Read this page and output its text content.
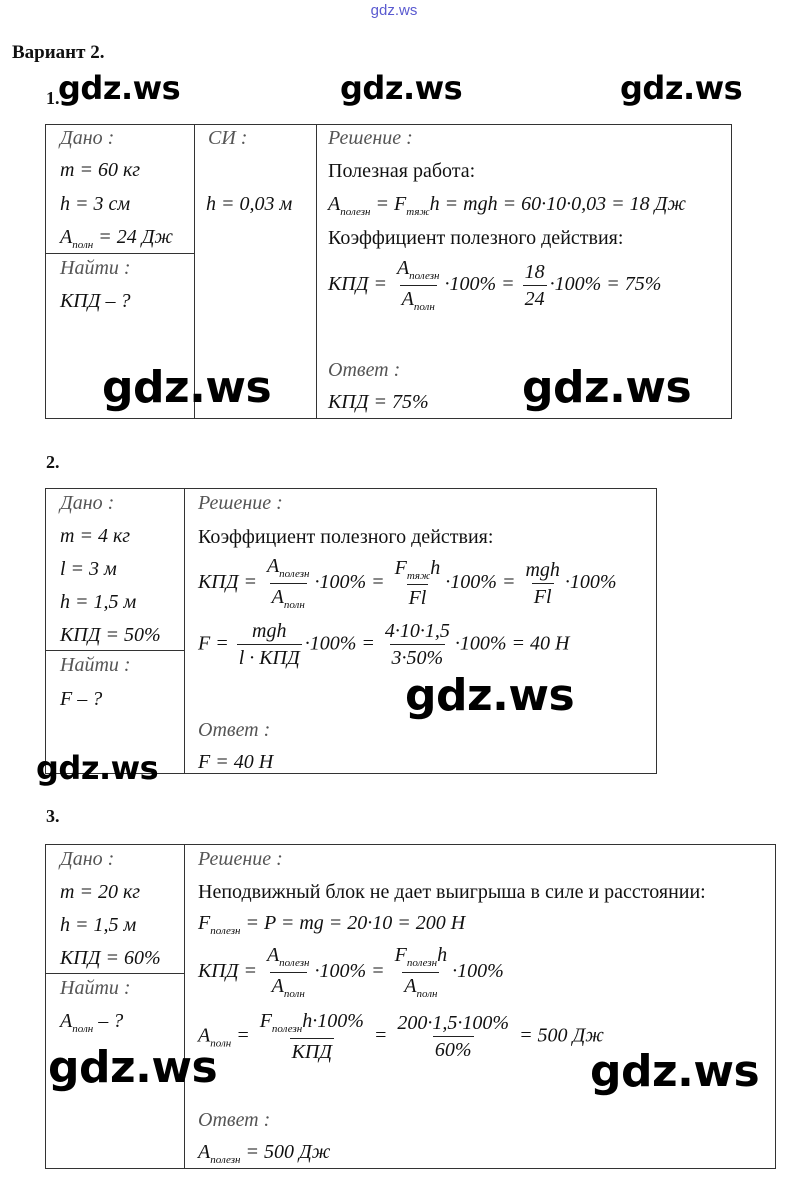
gdz.ws
Вариант 2.
1.
Дано :
m = 60 кг
h = 3 см
$A_{полн} = 24$ Дж
Найти :
КПД – ?
СИ :
h = 0,03 м
Решение :
Полезная работа:
$A_{полезн} = F_{тяж}h$ = mgh = 60·10·0,03 = 18 Дж
Коэффициент полезного действия:
КПД = $\frac{A_{полезн}}{A_{полн}} \cdot 100\% = \frac{18}{24} \cdot 100\% = 75\%$
Ответ :
КПД = 75%
2.
Дано :
m = 4 кг
l = 3 м
h = 1,5 м
КПД = 50%
Найти :
F – ?
Решение :
Коэффициент полезного действия:
КПД = $\frac{A_{полезн}}{A_{полн}} \cdot 100\% = \frac{F_{тяж}h}{Fl} \cdot 100\% = \frac{\text{mgh}}{Fl} \cdot 100\%$
$F = \frac{\text{mgh}}{\text{l · КПД}} \cdot 100\% = \frac{4\cdot 10\cdot 1,5}{3\cdot 50\%} \cdot 100\% = 40$ Н
Ответ :
F = 40 Н
3.
Дано :
m = 20 кг
h = 1,5 м
КПД = 60%
Найти :
$A_{полн}$ – ?
Решение :
Неподвижный блок не дает выигрыша в силе и расстоянии:
$F_{полезн} = P$ = mg = 20·10 = 200 Н
КПД = $\frac{A_{полезн}}{A_{полн}} \cdot 100\% = \frac{F_{полезн}h}{A_{полн}} \cdot 100\%$
$A_{полн} = \frac{F_{полезн}h\cdot 100\%}{\text{КПД}} = \frac{200\cdot 1,5\cdot 100\%}{60\%} = 500$ Дж
Ответ :
$A_{полезн} = 500$ Дж
gdz.ws	gdz.ws	gdz.ws
gdz.ws	gdz.ws
gdz.ws
gdz.ws
gdz.ws	gdz.ws
